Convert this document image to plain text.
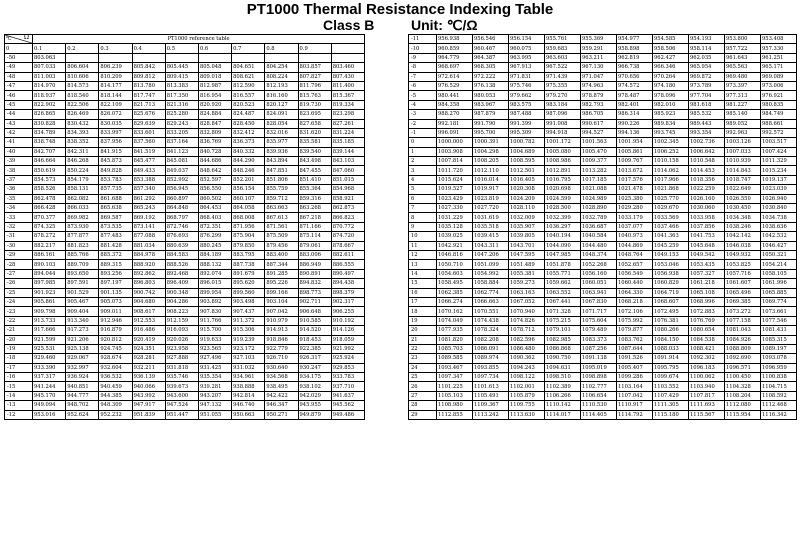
PT1000 Thermal Resistance Indexing Table
Class B	Unit: ℃/Ω
℃ Ω	PT1000 reference table									
0	0.1	0.2	0.3	0.4	0.5	0.6	0.7	0.8	0.9	
-50	803.063									
-49	807.033	806.604	806.239	805.842	805.445	805.048	804.651	804.254	803.857	803.460
-48	811.003	810.606	810.209	809.812	809.415	809.018	808.621	808.224	807.827	807.430
-47	814.970	814.573	814.177	813.780	813.383	812.987	812.590	812.193	811.796	811.400
-46	818.937	818.540	818.144	817.747	817.350	816.954	816.557	816.160	815.763	815.367
-45	822.902	822.506	822.109	821.713	821.316	820.920	820.523	820.127	819.730	819.334
-44	826.865	826.469	826.072	825.676	825.280	824.884	824.487	824.091	823.695	823.298
-43	830.828	830.432	830.035	829.639	829.243	828.847	828.450	828.054	827.658	827.261
-42	834.789	834.393	833.997	833.601	833.205	832.809	832.412	832.016	831.620	831.224
-41	838.748	838.352	837.956	837.560	837.164	836.769	836.373	835.977	835.581	835.185
-40	842.707	842.311	841.915	841.519	841.123	840.728	840.332	839.936	839.540	839.144
-39	846.664	846.268	845.873	845.477	845.081	844.686	844.290	843.894	843.498	843.103
-38	850.619	850.224	849.828	849.433	849.037	848.642	848.246	847.851	847.455	847.060
-37	854.573	854.179	853.783	853.388	852.992	852.597	852.201	851.806	851.410	851.015
-36	858.526	858.131	857.735	857.340	856.945	856.550	856.154	855.759	855.364	854.968
-35	862.478	862.082	861.688	861.292	860.897	860.502	860.107	859.712	859.316	858.921
-34	866.428	866.033	865.638	865.243	864.848	864.453	864.058	863.663	863.268	862.873
-33	870.377	869.982	869.587	869.192	868.797	868.403	868.008	867.613	867.218	866.823
-32	874.325	873.930	873.535	873.141	872.746	872.351	871.956	871.561	871.166	870.772
-31	878.272	877.877	877.483	877.088	876.693	876.299	875.904	875.509	875.114	874.720
-30	882.217	881.823	881.428	881.034	880.639	880.245	879.850	879.456	879.061	878.667
-29	886.161	885.766	885.372	884.978	884.583	884.189	883.795	883.400	883.006	882.611
-28	890.103	889.709	889.315	888.920	888.526	888.132	887.738	887.344	886.949	886.555
-27	894.044	893.650	893.256	892.862	892.468	892.074	891.679	891.285	890.891	890.497
-26	897.985	897.591	897.197	896.803	896.409	896.015	895.620	895.226	894.832	894.438
-25	901.923	901.529	901.135	900.742	900.348	899.954	899.560	899.166	898.773	898.379
-24	905.861	905.467	905.073	904.680	904.286	903.892	903.498	903.104	902.711	902.317
-23	909.798	909.404	909.011	908.617	908.223	907.830	907.437	907.042	906.648	906.255
-22	913.733	913.340	912.946	912.553	912.159	911.766	911.372	910.979	910.585	910.192
-21	917.666	917.273	916.879	916.486	916.093	915.700	915.306	914.913	914.520	914.126
-20	921.599	921.206	920.812	920.419	920.026	919.633	919.239	918.846	918.453	918.059
-19	925.531	925.138	924.745	924.351	923.958	923.565	923.172	922.779	922.385	921.992
-18	929.460	929.067	928.674	928.281	927.888	927.496	927.103	926.710	926.317	925.924
-17	933.390	932.997	932.604	932.211	931.818	931.425	931.032	930.640	930.247	929.853
-16	937.317	936.924	936.532	936.139	935.746	935.354	934.961	934.568	934.175	933.783
-15	941.244	940.851	940.459	940.066	939.673	939.281	938.888	938.495	938.102	937.710
-14	945.170	944.777	944.385	943.992	943.600	943.207	942.814	942.422	942.029	941.637
-13	949.094	948.702	948.309	947.917	947.524	947.132	946.740	946.347	945.955	945.562
-12	953.016	952.624	952.232	951.839	951.447	951.055	950.663	950.271	949.879	949.486
-11	956.938	956.546	956.154	955.761	955.369	954.977	954.585	954.193	953.800	953.408
-10	960.859	960.467	960.075	959.683	959.291	958.898	958.506	958.114	957.722	957.330
-9	964.779	964.387	963.995	963.603	963.211	962.819	962.427	962.035	961.643	961.251
-8	968.697	968.305	967.913	967.522	967.130	966.738	966.346	965.954	965.563	965.171
-7	972.614	972.222	971.831	971.439	971.047	970.656	970.264	969.872	969.480	969.089
-6	976.529	976.138	975.746	975.355	974.963	974.572	974.180	973.789	973.397	973.006
-5	980.441	980.053	979.662	979.270	978.879	978.487	978.096	977.704	977.313	976.921
-4	984.358	983.967	983.575	983.184	982.793	982.401	982.010	981.618	981.227	980.835
-3	988.270	987.879	987.488	987.096	986.705	986.314	985.923	985.532	985.140	984.749
-2	992.181	991.790	991.399	991.008	990.617	990.226	989.834	989.443	989.052	988.661
-1	996.091	995.700	995.309	994.918	994.527	994.136	993.745	993.354	992.963	992.572
0	1000.000	1000.391	1000.782	1001.172	1001.563	1001.954	1002.345	1002.736	1003.126	1003.517
1	1003.908	1004.298	1004.689	1005.080	1005.470	1005.861	1006.252	1006.642	1007.033	1007.424
2	1007.814	1008.205	1008.595	1008.986	1009.377	1009.767	1010.158	1010.548	1010.939	1011.329
3	1011.720	1012.110	1012.501	1012.891	1013.282	1013.672	1014.062	1014.453	1014.843	1015.234
4	1015.624	1016.014	1016.405	1016.795	1017.185	1017.576	1017.966	1018.356	1018.747	1019.137
5	1019.527	1019.917	1020.308	1020.698	1021.088	1021.478	1021.868	1022.259	1022.649	1023.039
6	1023.429	1023.819	1024.209	1024.599	1024.989	1025.380	1025.770	1026.160	1026.550	1026.940
7	1027.330	1027.720	1028.110	1028.500	1028.890	1029.280	1029.670	1030.060	1030.450	1030.840
8	1031.229	1031.619	1032.009	1032.399	1032.789	1033.179	1033.569	1033.958	1034.348	1034.738
9	1035.128	1035.518	1035.907	1036.297	1036.687	1037.077	1037.466	1037.856	1038.246	1038.636
10	1039.025	1039.415	1039.805	1040.194	1040.584	1040.973	1041.363	1041.753	1042.142	1042.532
11	1042.921	1043.311	1043.701	1044.090	1044.480	1044.869	1045.259	1045.648	1046.038	1046.427
12	1046.816	1047.206	1047.595	1047.985	1048.374	1048.764	1049.153	1049.542	1049.932	1050.321
13	1050.710	1051.099	1051.489	1051.878	1052.268	1052.657	1053.046	1053.435	1053.825	1054.214
14	1054.603	1054.992	1055.381	1055.771	1056.160	1056.549	1056.938	1057.327	1057.716	1058.105
15	1058.495	1058.884	1059.273	1059.662	1060.051	1060.440	1060.829	1061.218	1061.607	1061.996
16	1062.385	1062.774	1063.163	1063.552	1063.941	1064.330	1064.719	1065.108	1065.496	1065.885
17	1066.274	1066.663	1067.052	1067.441	1067.830	1068.218	1068.607	1068.996	1069.385	1069.774
18	1070.162	1070.551	1070.940	1071.328	1071.717	1072.106	1072.495	1072.883	1073.272	1073.661
19	1074.049	1074.438	1074.826	1075.215	1075.604	1075.992	1076.381	1076.769	1077.158	1077.546
20	1077.935	1078.324	1078.712	1079.101	1079.489	1079.877	1080.266	1080.654	1081.043	1081.431
21	1081.820	1082.208	1082.596	1082.985	1083.373	1083.762	1084.150	1084.538	1084.926	1085.315
22	1085.703	1086.091	1086.480	1086.868	1087.256	1087.644	1088.033	1088.421	1088.809	1089.197
23	1089.585	1089.974	1090.362	1090.750	1091.138	1091.526	1091.914	1092.302	1092.690	1093.078
24	1093.467	1093.855	1094.243	1094.631	1095.019	1095.407	1095.795	1096.183	1096.571	1096.959
25	1097.347	1097.734	1098.122	1098.510	1098.898	1099.286	1099.674	1100.062	1100.450	1100.838
26	1101.225	1101.613	1102.001	1102.389	1102.777	1103.164	1103.552	1103.940	1104.328	1104.715
27	1105.103	1105.491	1105.879	1106.266	1106.654	1107.042	1107.429	1107.817	1108.204	1108.592
28	1108.980	1109.367	1109.755	1110.142	1110.530	1110.917	1111.305	1111.693	1112.080	1112.468
29	1112.855	1113.242	1113.630	1114.017	1114.405	1114.792	1115.180	1115.567	1115.954	1116.342
